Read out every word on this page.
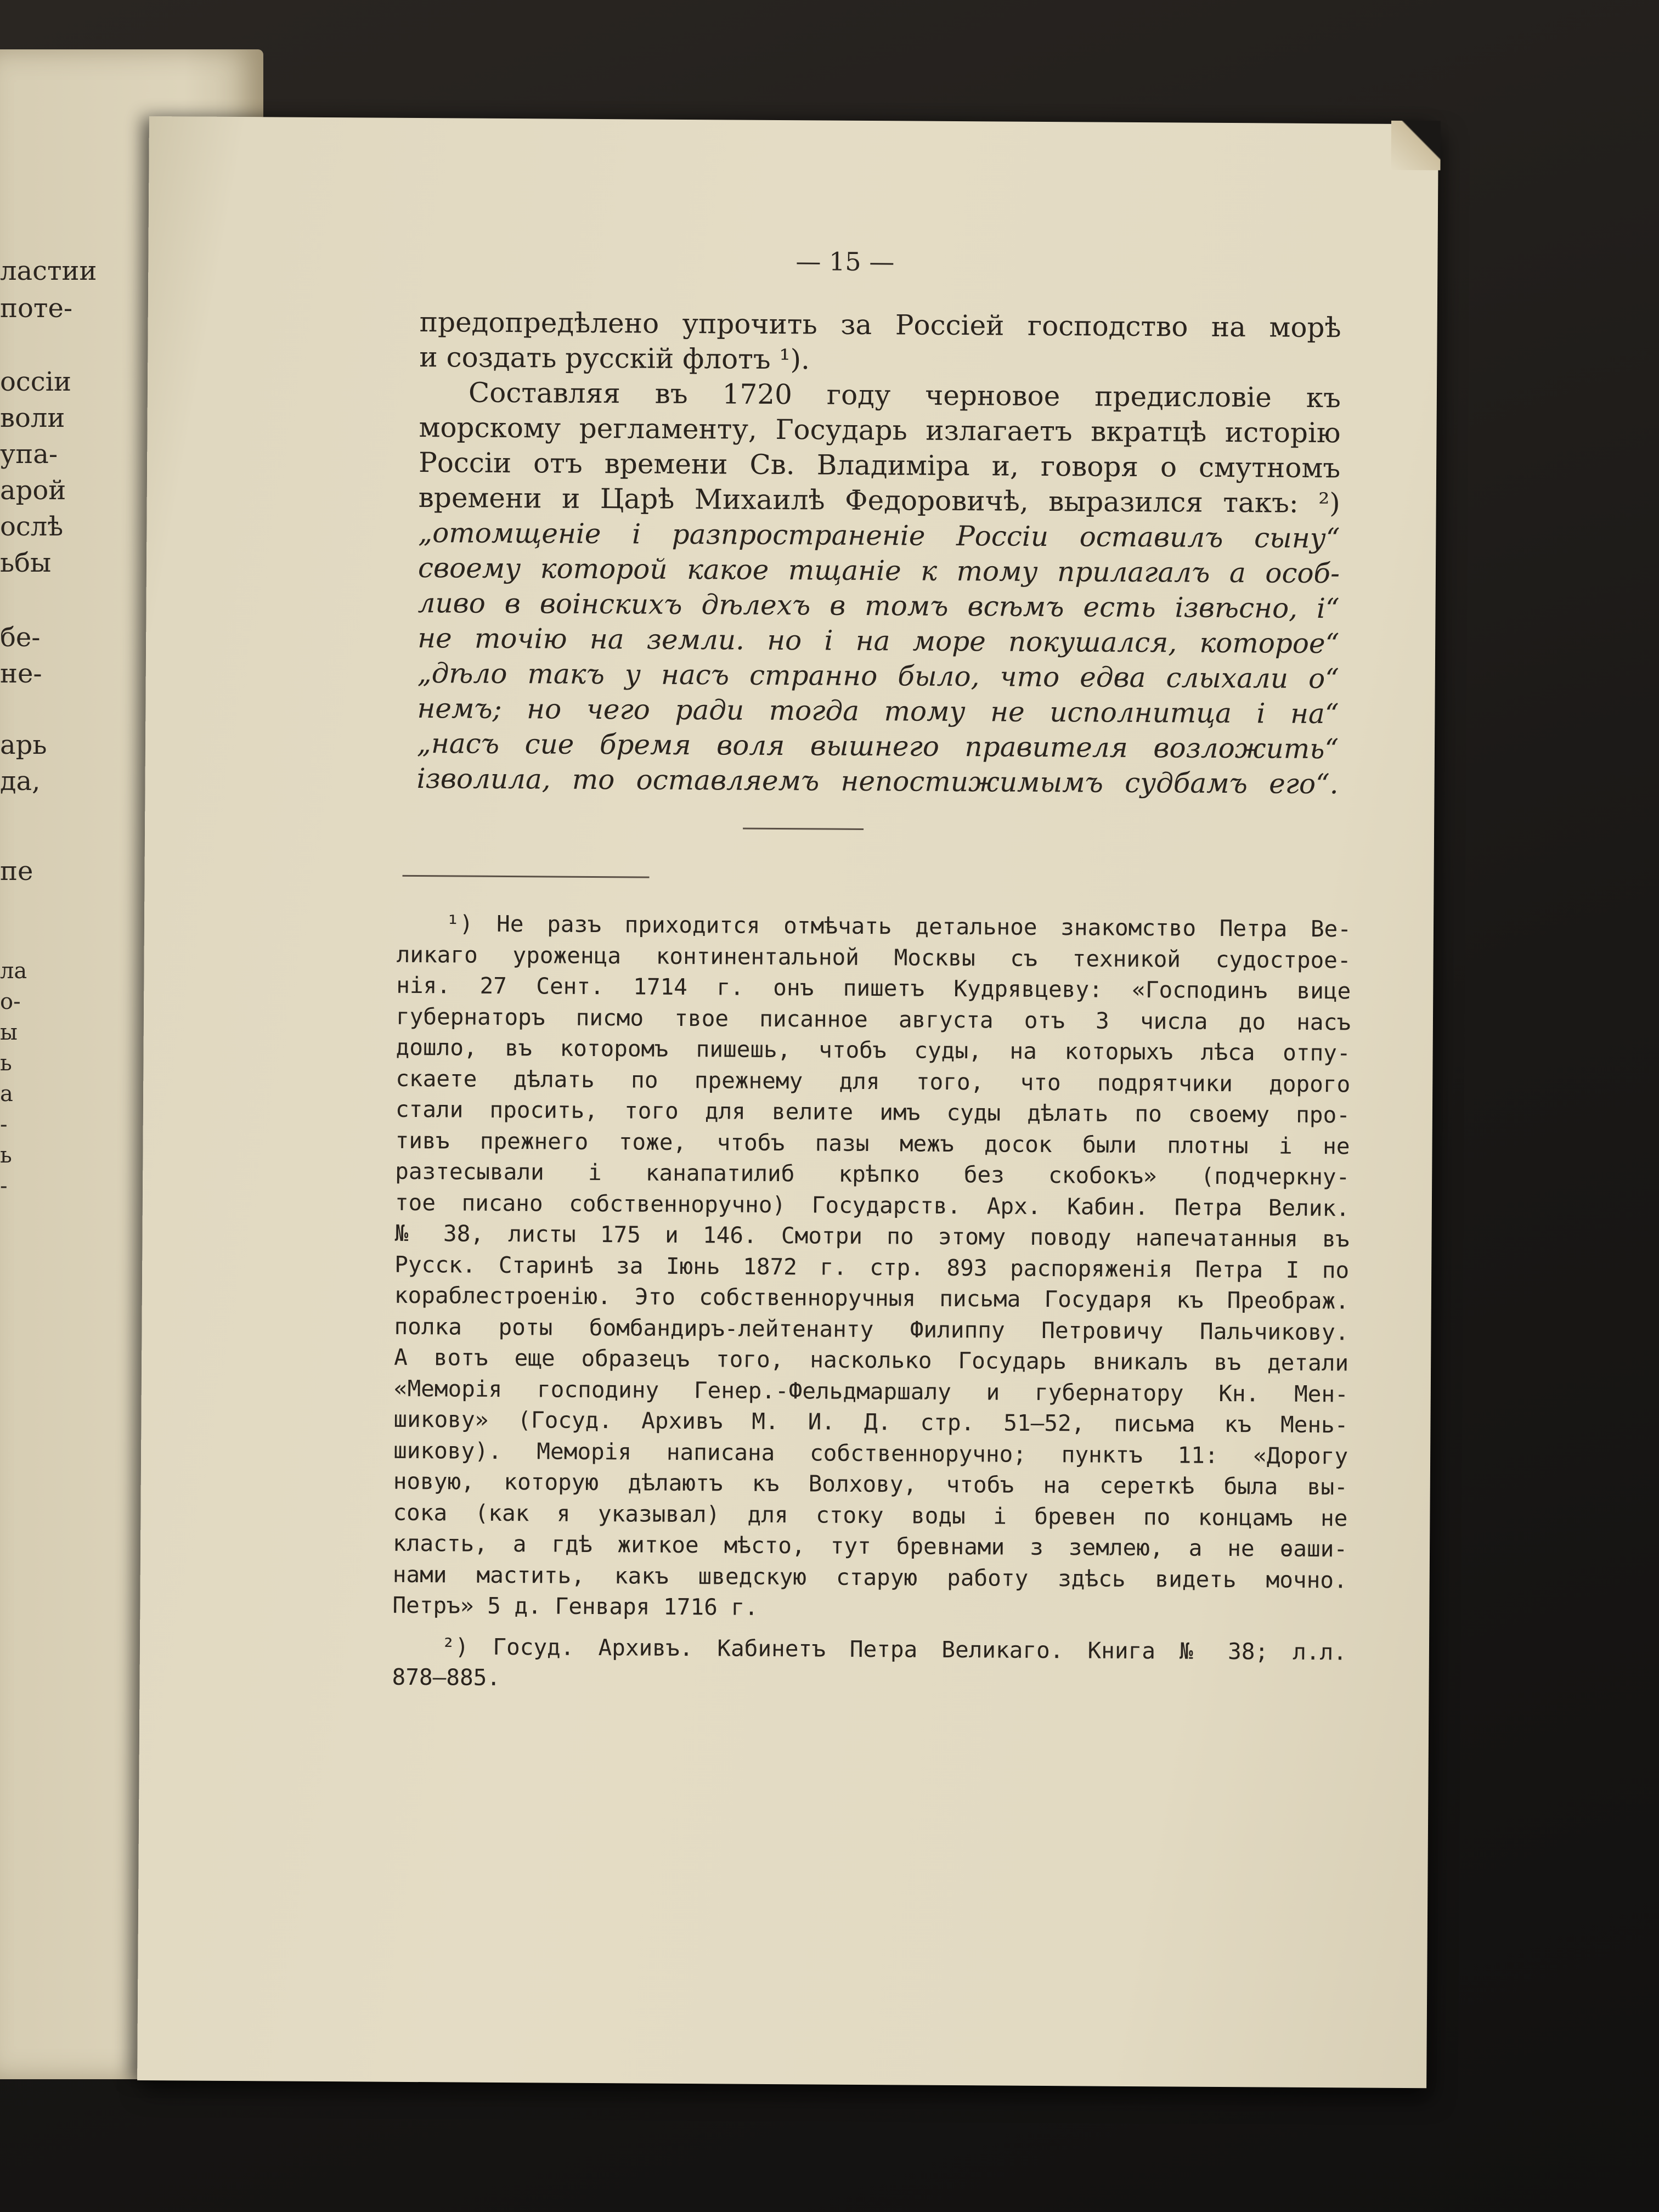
ластии
поте-
оссіи
воли
упа-
арой
ослѣ
ьбы
бе-
не-
арь
да,
пе
ла
о-
ы
ь
а
-
ь
-
— 15 —
предопредѣлено упрочить за Россіей господство на морѣ
и создать русскій флотъ ¹).
Составляя въ 1720 году черновое предисловіе къ
морскому регламенту, Государь излагаетъ вкратцѣ исторію
Россіи отъ времени Св. Владиміра и, говоря о смутномъ
времени и Царѣ Михаилѣ Федоровичѣ, выразился такъ: ²)
„отомщеніе і разпространеніе Россіи оставилъ сыну“
своему которой какое тщаніе к тому прилагалъ а особ-
ливо в воінскихъ дѣлехъ в томъ всѣмъ есть ізвѣсно, і“
не точію на земли. но і на море покушался, которое“
„дѣло такъ у насъ странно было, что едва слыхали о“
немъ; но чего ради тогда тому не исполнитца і на“
„насъ сие бремя воля вышнего правителя возложить“
ізволила, то оставляемъ непостижимымъ судбамъ его“.
¹) Не разъ приходится отмѣчать детальное знакомство Петра Ве-
ликаго уроженца континентальной Москвы съ техникой судострое-
нія. 27 Сент. 1714 г. онъ пишетъ Кудрявцеву: «Господинъ вице
губернаторъ писмо твое писанное августа отъ 3 числа до насъ
дошло, въ которомъ пишешь, чтобъ суды, на которыхъ лѣса отпу-
скаете дѣлать по прежнему для того, что подрятчики дорого
стали просить, того для велите имъ суды дѣлать по своему про-
тивъ прежнего тоже, чтобъ пазы межъ досок были плотны і не
разтесывали і канапатилиб крѣпко без скобокъ» (подчеркну-
тое писано собственноручно) Государств. Арх. Кабин. Петра Велик.
№ 38, листы 175 и 146. Смотри по этому поводу напечатанныя въ
Русск. Старинѣ за Іюнь 1872 г. стр. 893 распоряженія Петра I по
кораблестроенію. Это собственноручныя письма Государя къ Преображ.
полка роты бомбандиръ-лейтенанту Филиппу Петровичу Пальчикову.
А вотъ еще образецъ того, насколько Государь вникалъ въ детали
«Меморія господину Генер.-Фельдмаршалу и губернатору Кн. Мен-
шикову» (Госуд. Архивъ М. И. Д. стр. 51—52, письма къ Мень-
шикову). Меморія написана собственноручно; пунктъ 11: «Дорогу
новую, которую дѣлаютъ къ Волхову, чтобъ на сереткѣ была вы-
сока (как я указывал) для стоку воды і бревен по концамъ не
класть, а гдѣ житкое мѣсто, тут бревнами з землею, а не ѳаши-
нами мастить, какъ шведскую старую работу здѣсь видеть мочно.
Петръ» 5 д. Генваря 1716 г.
²) Госуд. Архивъ. Кабинетъ Петра Великаго. Книга № 38; л.л.
878—885.
